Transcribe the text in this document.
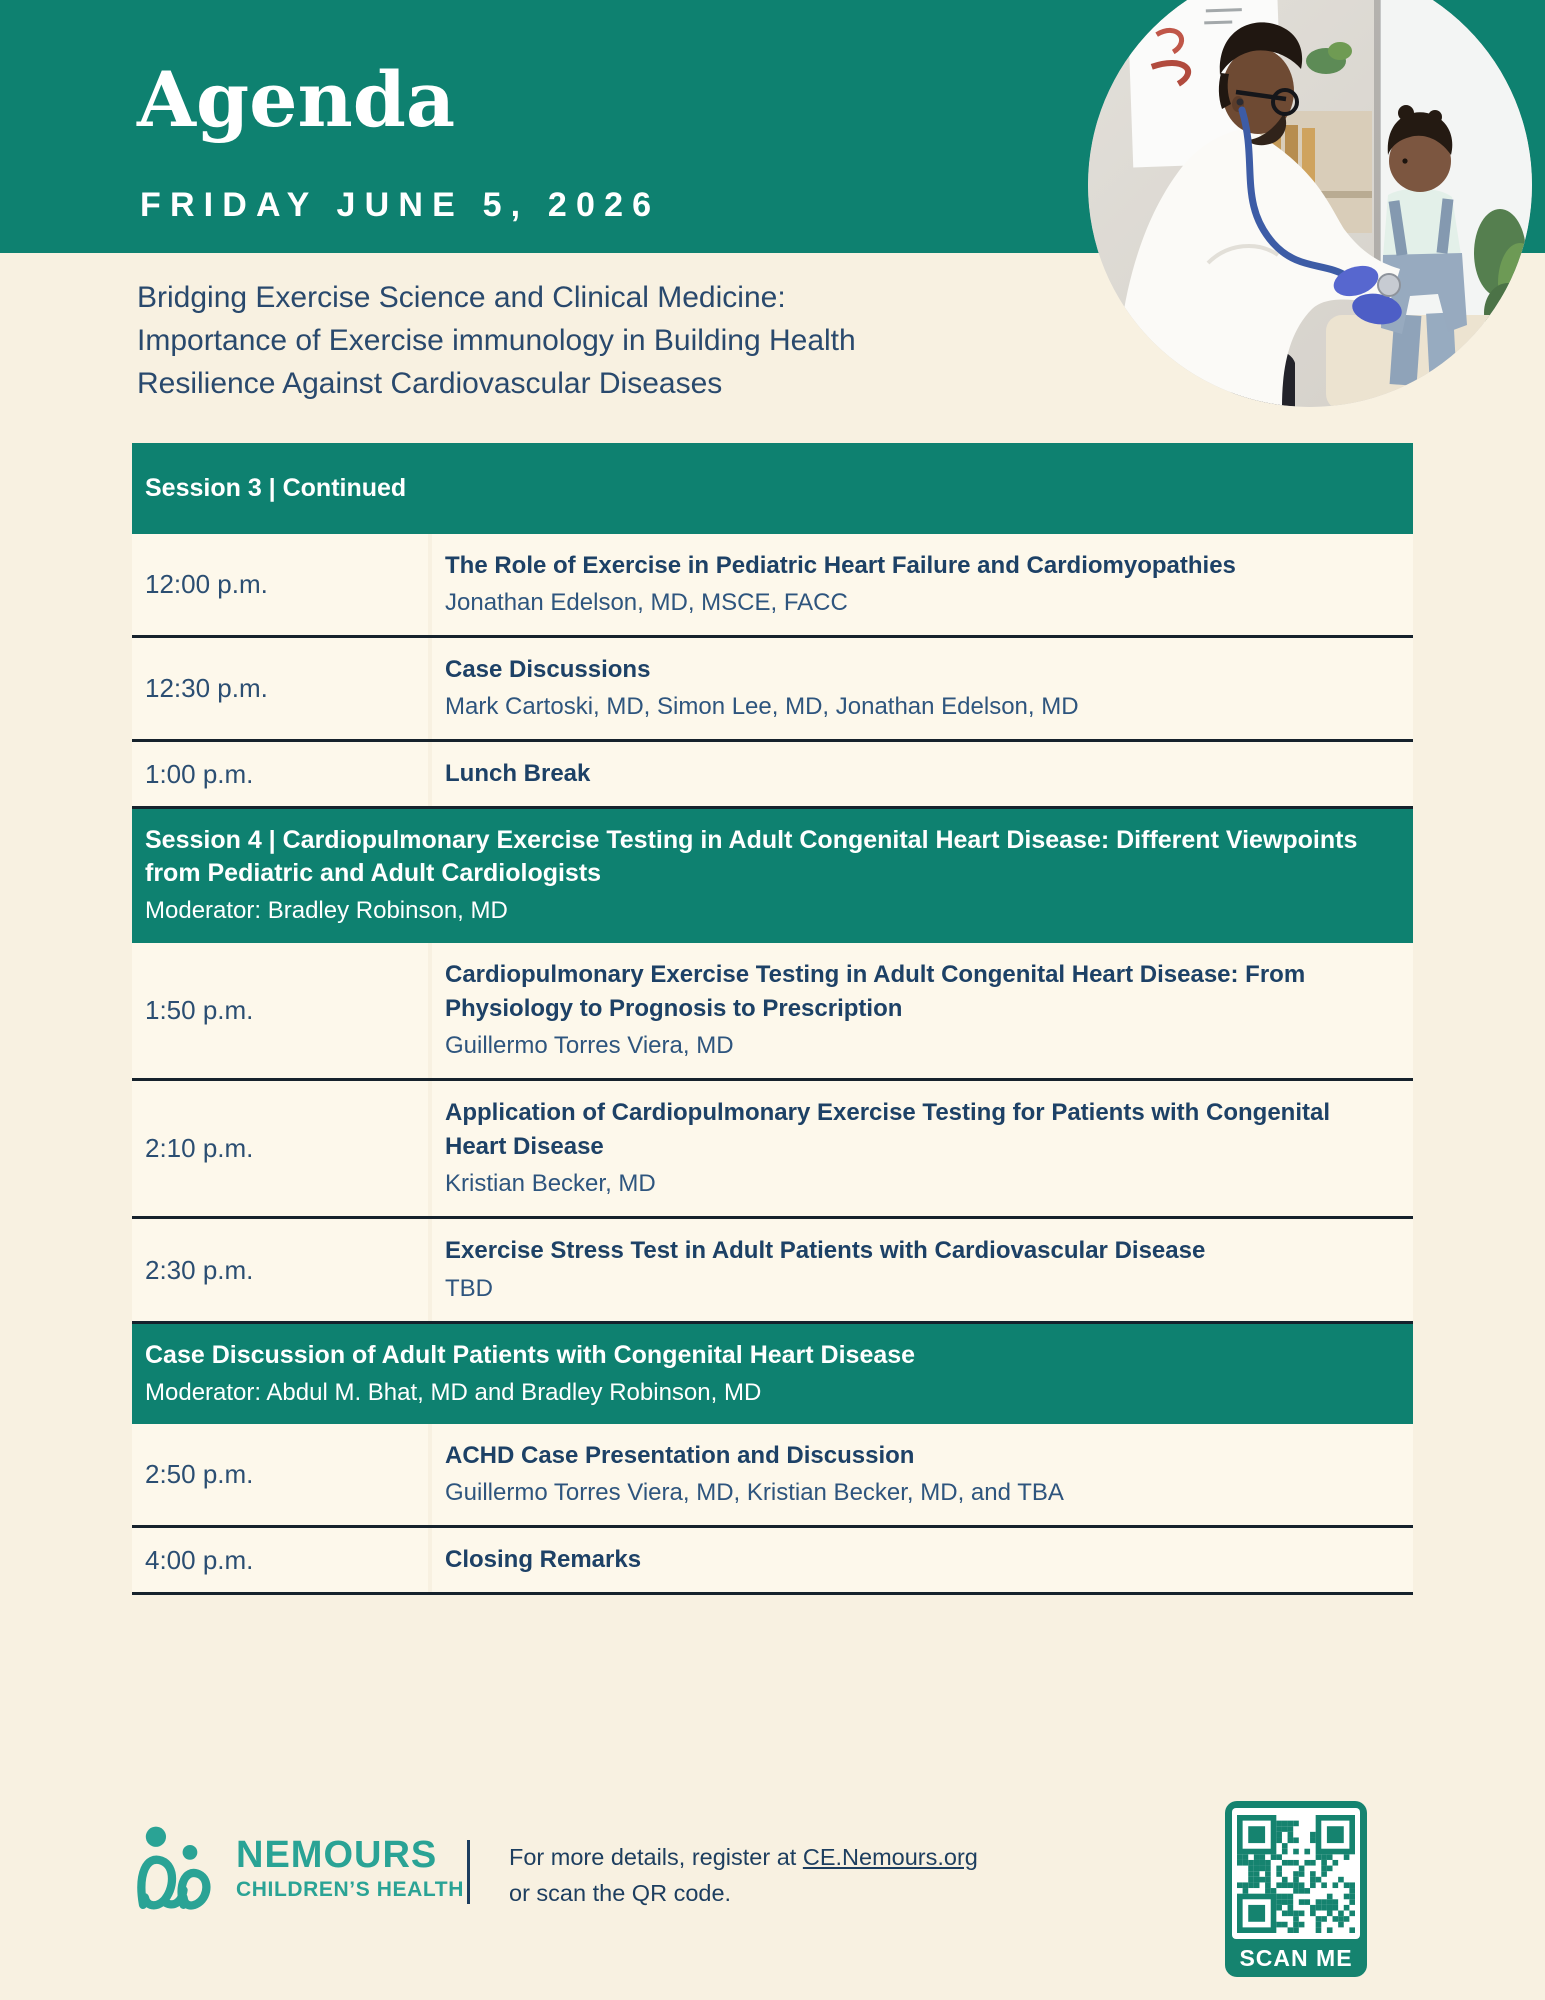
Agenda
FRIDAY JUNE 5, 2026
Bridging Exercise Science and Clinical Medicine:
Importance of Exercise immunology in Building Health
Resilience Against Cardiovascular Diseases
Session 3 | Continued
12:00 p.m.
The Role of Exercise in Pediatric Heart Failure and Cardiomyopathies
Jonathan Edelson, MD, MSCE, FACC
12:30 p.m.
Case Discussions
Mark Cartoski, MD, Simon Lee, MD, Jonathan Edelson, MD
1:00 p.m.	Lunch Break
Session 4 | Cardiopulmonary Exercise Testing in Adult Congenital Heart Disease: Different Viewpoints from Pediatric and Adult Cardiologists
Moderator: Bradley Robinson, MD
1:50 p.m.
Cardiopulmonary Exercise Testing in Adult Congenital Heart Disease: From Physiology to Prognosis to Prescription
Guillermo Torres Viera, MD
2:10 p.m.
Application of Cardiopulmonary Exercise Testing for Patients with Congenital Heart Disease
Kristian Becker, MD
2:30 p.m.
Exercise Stress Test in Adult Patients with Cardiovascular Disease
TBD
Case Discussion of Adult Patients with Congenital Heart Disease
Moderator: Abdul M. Bhat, MD and Bradley Robinson, MD
2:50 p.m.
ACHD Case Presentation and Discussion
Guillermo Torres Viera, MD, Kristian Becker, MD, and TBA
4:00 p.m.	Closing Remarks
NEMOURS
CHILDREN’S HEALTH
For more details, register at CE.Nemours.org
or scan the QR code.
SCAN ME
